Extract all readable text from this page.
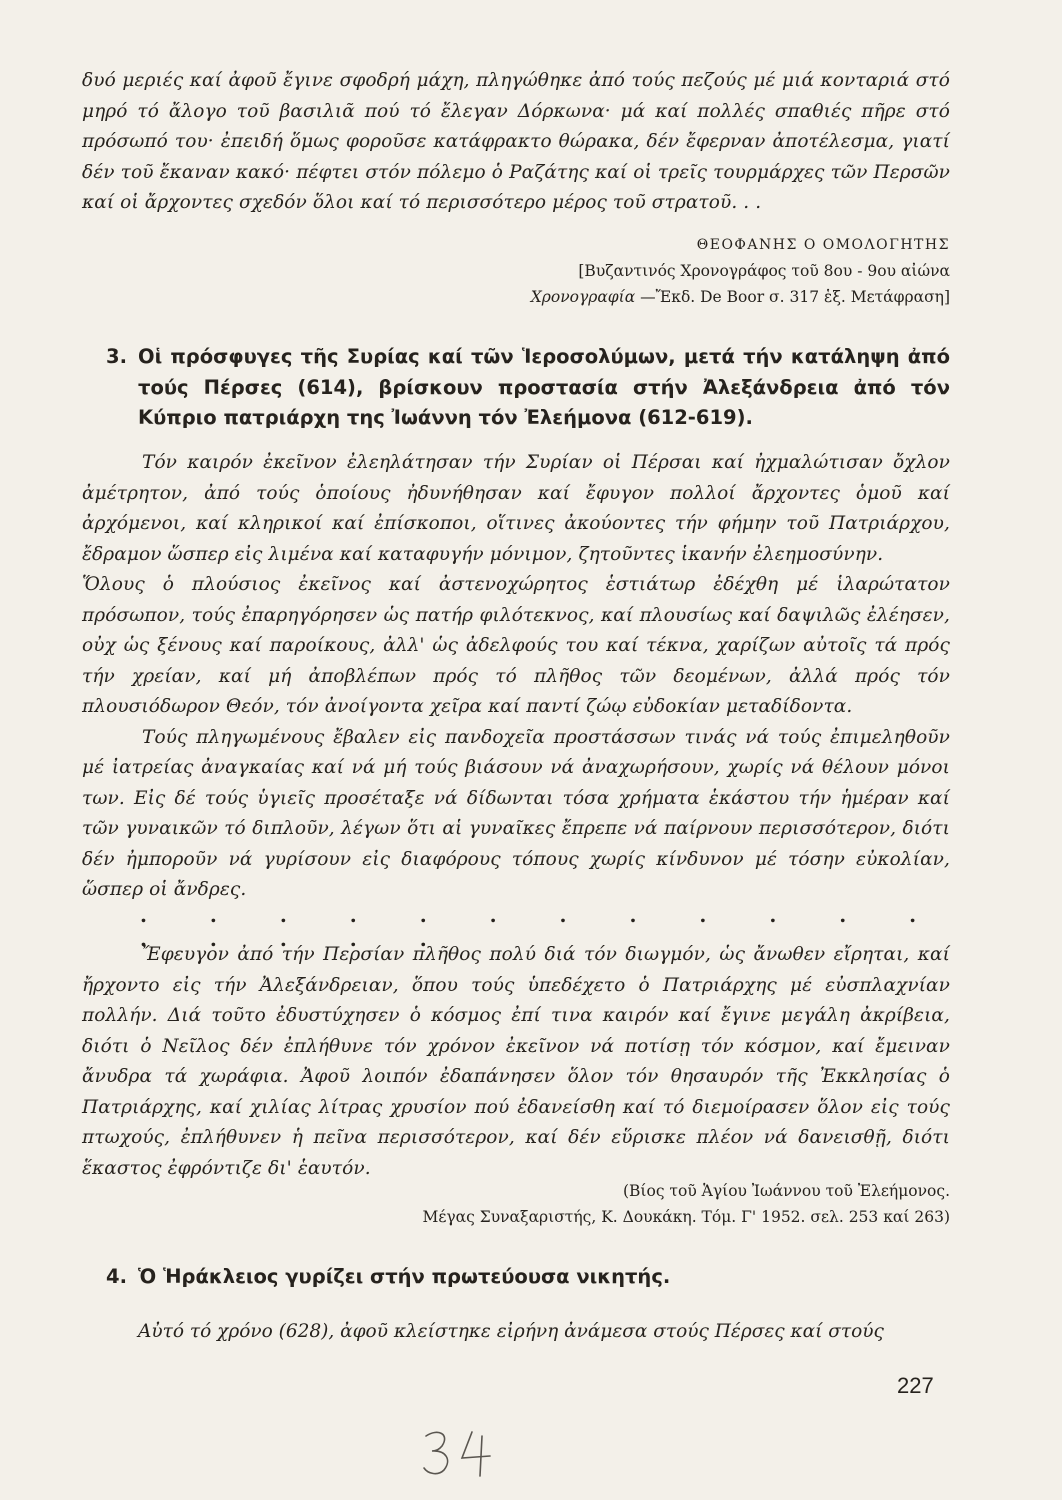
δυό μεριές καί ἀφοῦ ἔγινε σφοδρή μάχη, πληγώθηκε ἀπό τούς πεζούς μέ μιά κονταριά στό μηρό τό ἄλογο τοῦ βασιλιᾶ πού τό ἔλεγαν Δόρκωνα· μά καί πολλές σπαθιές πῆρε στό πρόσωπό του· ἐπειδή ὅμως φοροῦσε κατάφρακτο θώρακα, δέν ἔφερναν ἀποτέλεσμα, γιατί δέν τοῦ ἔκαναν κακό· πέφτει στόν πόλεμο ὁ Ραζάτης καί οἱ τρεῖς τουρμάρχες τῶν Περσῶν καί οἱ ἄρχοντες σχεδόν ὅλοι καί τό περισσότερο μέρος τοῦ στρατοῦ. . .

ΘΕΟΦΑΝΗΣ Ο ΟΜΟΛΟΓΗΤΗΣ
[Βυζαντινός Χρονογράφος τοῦ 8ου - 9ου αἰώνα
Χρονογραφία —Ἔκδ. De Boor σ. 317 ἑξ. Μετάφραση]
3. Οἱ πρόσφυγες τῆς Συρίας καί τῶν Ἱεροσολύμων, μετά τήν κατάληψη ἀπό τούς Πέρσες (614), βρίσκουν προστασία στήν Ἀλεξάνδρεια ἀπό τόν Κύπριο πατριάρχη της Ἰωάννη τόν Ἐλεήμονα (612-619).

Τόν καιρόν ἐκεῖνον ἐλεηλάτησαν τήν Συρίαν οἱ Πέρσαι καί ἠχμαλώτισαν ὄχλον ἀμέτρητον, ἀπό τούς ὁποίους ἠδυνήθησαν καί ἔφυγον πολλοί ἄρχοντες ὁμοῦ καί ἀρχόμενοι, καί κληρικοί καί ἐπίσκοποι, οἵτινες ἀκούοντες τήν φήμην τοῦ Πατριάρχου, ἔδραμον ὥσπερ εἰς λιμένα καί καταφυγήν μόνιμον, ζητοῦντες ἱκανήν ἐλεημοσύνην.

Ὅλους ὁ πλούσιος ἐκεῖνος καί ἀστενοχώρητος ἑστιάτωρ ἐδέχθη μέ ἱλαρώτατον πρόσωπον, τούς ἐπαρηγόρησεν ὡς πατήρ φιλότεκνος, καί πλουσίως καί δαψιλῶς ἐλέησεν, οὐχ ὡς ξένους καί παροίκους, ἀλλ' ὡς ἀδελφούς του καί τέκνα, χαρίζων αὐτοῖς τά πρός τήν χρείαν, καί μή ἀποβλέπων πρός τό πλῆθος τῶν δεομένων, ἀλλά πρός τόν πλουσιόδωρον Θεόν, τόν ἀνοίγοντα χεῖρα καί παντί ζώῳ εὐδοκίαν μεταδίδοντα.

Τούς πληγωμένους ἔβαλεν εἰς πανδοχεῖα προστάσσων τινάς νά τούς ἐπιμεληθοῦν μέ ἰατρείας ἀναγκαίας καί νά μή τούς βιάσουν νά ἀναχωρήσουν, χωρίς νά θέλουν μόνοι των. Εἰς δέ τούς ὑγιεῖς προσέταξε νά δίδωνται τόσα χρήματα ἑκάστου τήν ἡμέραν καί τῶν γυναικῶν τό διπλοῦν, λέγων ὅτι αἱ γυναῖκες ἔπρεπε νά παίρνουν περισσότερον, διότι δέν ἠμποροῦν νά γυρίσουν εἰς διαφόρους τόπους χωρίς κίνδυνον μέ τόσην εὐκολίαν, ὥσπερ οἱ ἄνδρες.

. . . . . . . . . . . . . . . . .

Ἔφευγον ἀπό τήν Περσίαν πλῆθος πολύ διά τόν διωγμόν, ὡς ἄνωθεν εἴρηται, καί ἤρχοντο εἰς τήν Ἀλεξάνδρειαν, ὅπου τούς ὑπεδέχετο ὁ Πατριάρχης μέ εὐσπλαχνίαν πολλήν. Διά τοῦτο ἐδυστύχησεν ὁ κόσμος ἐπί τινα καιρόν καί ἔγινε μεγάλη ἀκρίβεια, διότι ὁ Νεῖλος δέν ἐπλήθυνε τόν χρόνον ἐκεῖνον νά ποτίσῃ τόν κόσμον, καί ἔμειναν ἄνυδρα τά χωράφια. Ἀφοῦ λοιπόν ἐδαπάνησεν ὅλον τόν θησαυρόν τῆς Ἐκκλησίας ὁ Πατριάρχης, καί χιλίας λίτρας χρυσίον πού ἐδανείσθη καί τό διεμοίρασεν ὅλον εἰς τούς πτωχούς, ἐπλήθυνεν ἡ πεῖνα περισσότερον, καί δέν εὕρισκε πλέον νά δανεισθῇ, διότι ἕκαστος ἐφρόντιζε δι' ἑαυτόν.

(Βίος τοῦ Ἁγίου Ἰωάννου τοῦ Ἐλεήμονος.
Μέγας Συναξαριστής, Κ. Δουκάκη. Τόμ. Γ' 1952. σελ. 253 καί 263)
4. Ὁ Ἡράκλειος γυρίζει στήν πρωτεύουσα νικητής.
Αὐτό τό χρόνο (628), ἀφοῦ κλείστηκε εἰρήνη ἀνάμεσα στούς Πέρσες καί στούς
227
